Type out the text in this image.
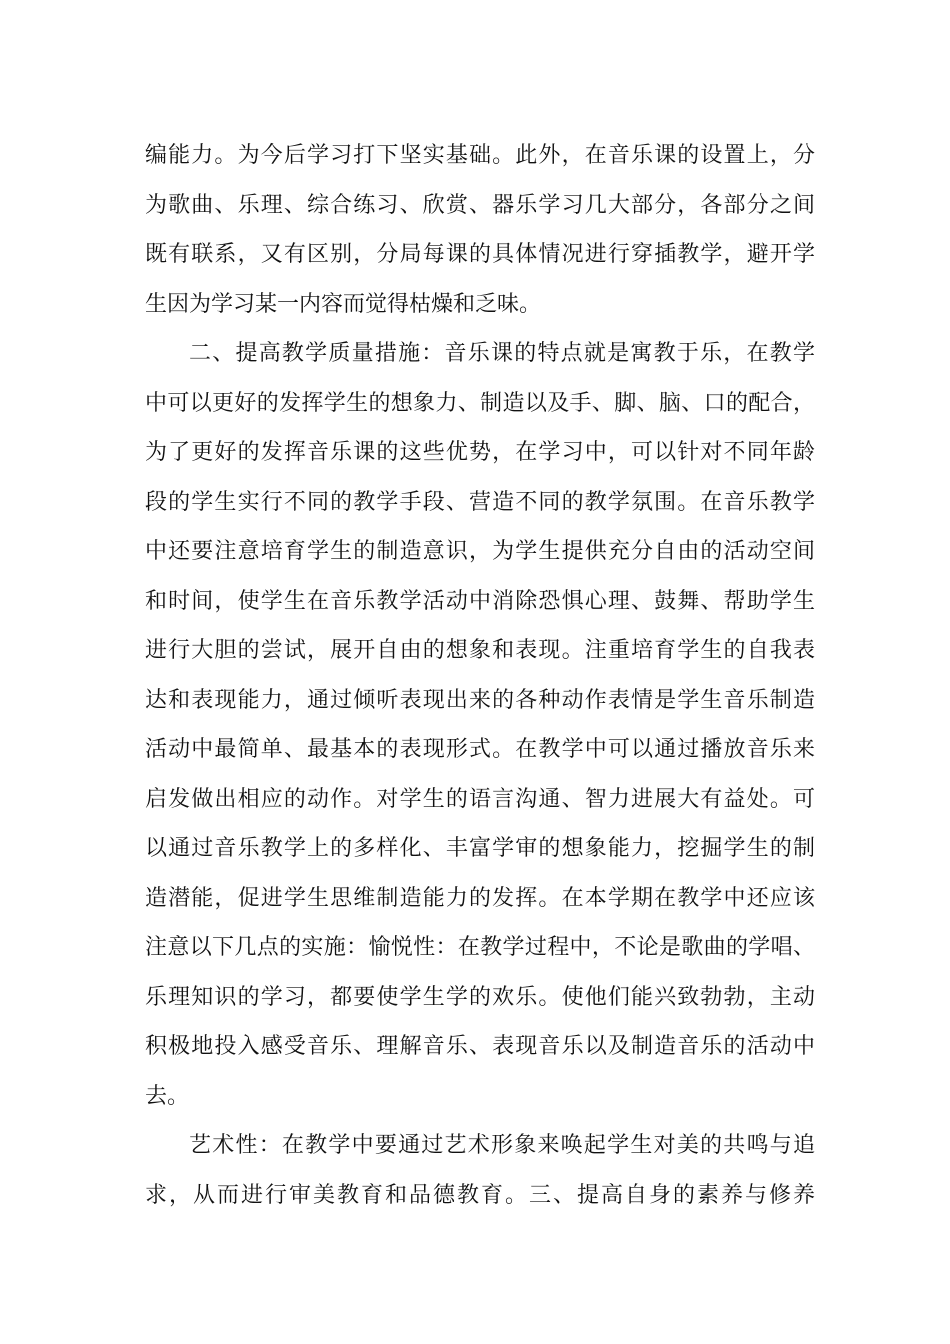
编能力。为今后学习打下坚实基础。此外，在音乐课的设置上，分
为歌曲、乐理、综合练习、欣赏、器乐学习几大部分，各部分之间
既有联系，又有区别，分局每课的具体情况进行穿插教学，避开学
生因为学习某一内容而觉得枯燥和乏味。
二、提高教学质量措施：音乐课的特点就是寓教于乐，在教学
中可以更好的发挥学生的想象力、制造以及手、脚、脑、口的配合，
为了更好的发挥音乐课的这些优势，在学习中，可以针对不同年龄
段的学生实行不同的教学手段、营造不同的教学氛围。在音乐教学
中还要注意培育学生的制造意识，为学生提供充分自由的活动空间
和时间，使学生在音乐教学活动中消除恐惧心理、鼓舞、帮助学生
进行大胆的尝试，展开自由的想象和表现。注重培育学生的自我表
达和表现能力，通过倾听表现出来的各种动作表情是学生音乐制造
活动中最简单、最基本的表现形式。在教学中可以通过播放音乐来
启发做出相应的动作。对学生的语言沟通、智力进展大有益处。可
以通过音乐教学上的多样化、丰富学审的想象能力，挖掘学生的制
造潜能，促进学生思维制造能力的发挥。在本学期在教学中还应该
注意以下几点的实施：愉悦性：在教学过程中，不论是歌曲的学唱、
乐理知识的学习，都要使学生学的欢乐。使他们能兴致勃勃，主动
积极地投入感受音乐、理解音乐、表现音乐以及制造音乐的活动中
去。
艺术性：在教学中要通过艺术形象来唤起学生对美的共鸣与追
求，从而进行审美教育和品德教育。三、提高自身的素养与修养
